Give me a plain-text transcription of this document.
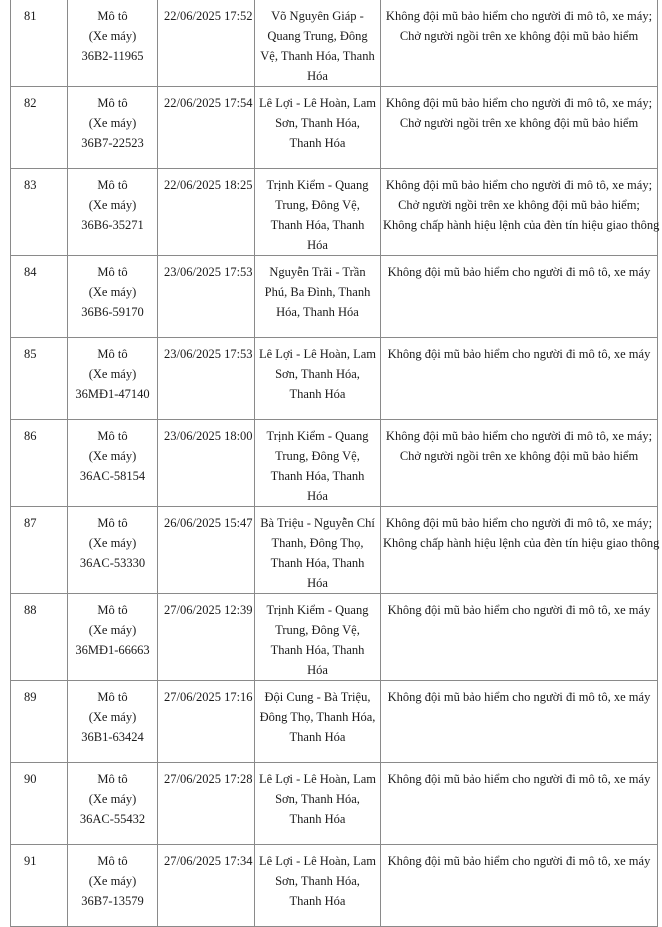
81	Mô tô
(Xe máy)
36B2-11965	22/06/2025 17:52	Võ Nguyên Giáp - Quang Trung, Đông Vệ, Thanh Hóa, Thanh Hóa	Không đội mũ bảo hiểm cho người đi mô tô, xe máy;
Chở người ngồi trên xe không đội mũ bảo hiểm

82	Mô tô
(Xe máy)
36B7-22523	22/06/2025 17:54	Lê Lợi - Lê Hoàn, Lam Sơn, Thanh Hóa, Thanh Hóa	Không đội mũ bảo hiểm cho người đi mô tô, xe máy;
Chở người ngồi trên xe không đội mũ bảo hiểm

83	Mô tô
(Xe máy)
36B6-35271	22/06/2025 18:25	Trịnh Kiểm - Quang Trung, Đông Vệ, Thanh Hóa, Thanh Hóa	Không đội mũ bảo hiểm cho người đi mô tô, xe máy;
Chở người ngồi trên xe không đội mũ bảo hiểm;
Không chấp hành hiệu lệnh của đèn tín hiệu giao thông

84	Mô tô
(Xe máy)
36B6-59170	23/06/2025 17:53	Nguyễn Trãi - Trần Phú, Ba Đình, Thanh Hóa, Thanh Hóa	Không đội mũ bảo hiểm cho người đi mô tô, xe máy

85	Mô tô
(Xe máy)
36MĐ1-47140	23/06/2025 17:53	Lê Lợi - Lê Hoàn, Lam Sơn, Thanh Hóa, Thanh Hóa	Không đội mũ bảo hiểm cho người đi mô tô, xe máy

86	Mô tô
(Xe máy)
36AC-58154	23/06/2025 18:00	Trịnh Kiểm - Quang Trung, Đông Vệ, Thanh Hóa, Thanh Hóa	Không đội mũ bảo hiểm cho người đi mô tô, xe máy;
Chở người ngồi trên xe không đội mũ bảo hiểm

87	Mô tô
(Xe máy)
36AC-53330	26/06/2025 15:47	Bà Triệu - Nguyễn Chí Thanh, Đông Thọ, Thanh Hóa, Thanh Hóa	Không đội mũ bảo hiểm cho người đi mô tô, xe máy;
Không chấp hành hiệu lệnh của đèn tín hiệu giao thông

88	Mô tô
(Xe máy)
36MĐ1-66663	27/06/2025 12:39	Trịnh Kiểm - Quang Trung, Đông Vệ, Thanh Hóa, Thanh Hóa	Không đội mũ bảo hiểm cho người đi mô tô, xe máy

89	Mô tô
(Xe máy)
36B1-63424	27/06/2025 17:16	Đội Cung - Bà Triệu, Đông Thọ, Thanh Hóa, Thanh Hóa	Không đội mũ bảo hiểm cho người đi mô tô, xe máy

90	Mô tô
(Xe máy)
36AC-55432	27/06/2025 17:28	Lê Lợi - Lê Hoàn, Lam Sơn, Thanh Hóa, Thanh Hóa	Không đội mũ bảo hiểm cho người đi mô tô, xe máy

91	Mô tô
(Xe máy)
36B7-13579	27/06/2025 17:34	Lê Lợi - Lê Hoàn, Lam Sơn, Thanh Hóa, Thanh Hóa	Không đội mũ bảo hiểm cho người đi mô tô, xe máy
